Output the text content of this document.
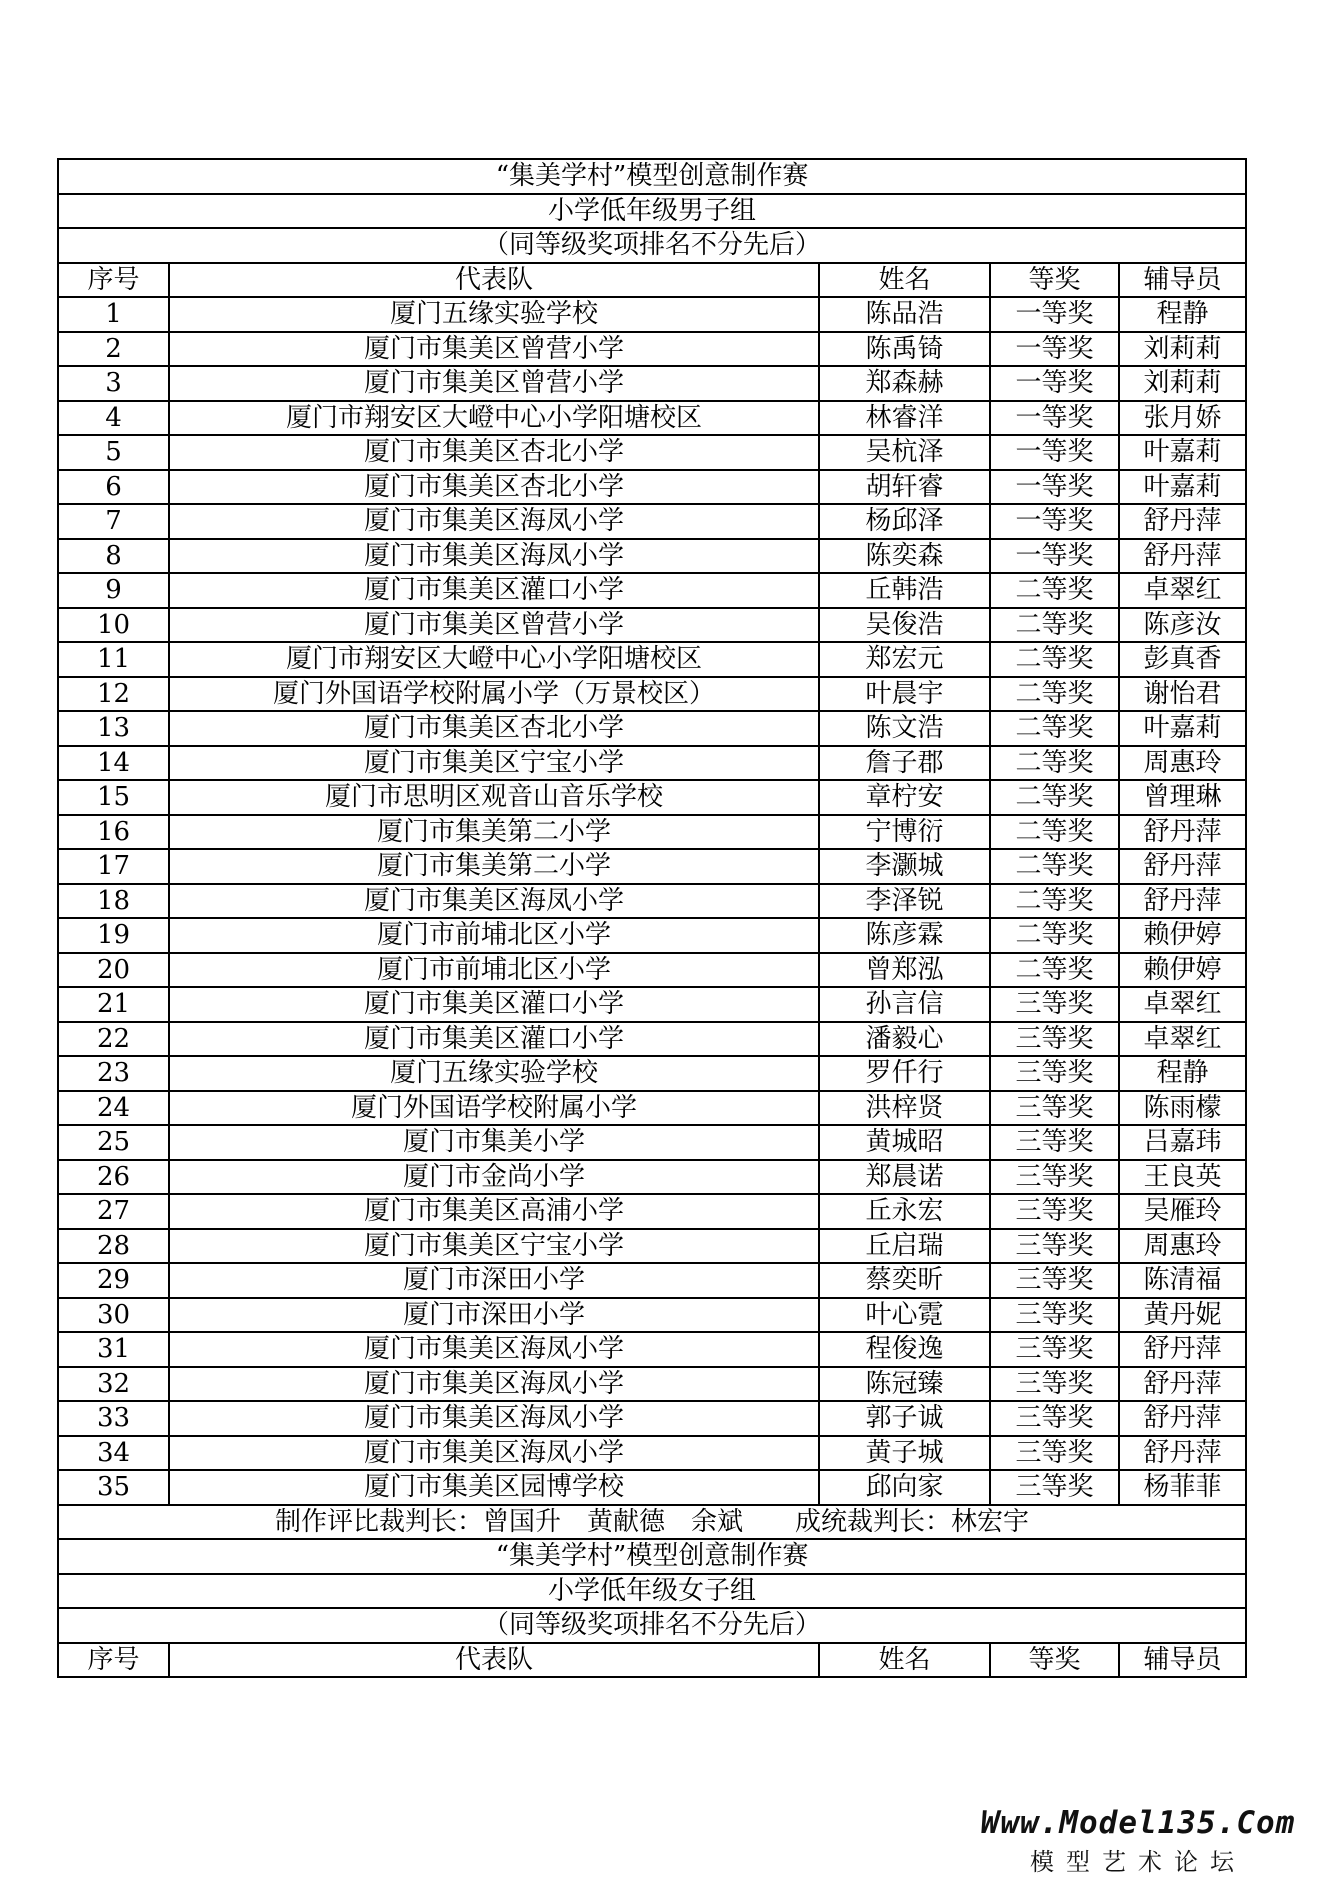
“集美学村”模型创意制作赛				
小学低年级男子组				
（同等级奖项排名不分先后）				
序号	代表队	姓名	等奖	辅导员
1	厦门五缘实验学校	陈品浩	一等奖	程静
2	厦门市集美区曾营小学	陈禹锜	一等奖	刘莉莉
3	厦门市集美区曾营小学	郑森赫	一等奖	刘莉莉
4	厦门市翔安区大嶝中心小学阳塘校区	林睿洋	一等奖	张月娇
5	厦门市集美区杏北小学	吴杭泽	一等奖	叶嘉莉
6	厦门市集美区杏北小学	胡轩睿	一等奖	叶嘉莉
7	厦门市集美区海凤小学	杨邱泽	一等奖	舒丹萍
8	厦门市集美区海凤小学	陈奕森	一等奖	舒丹萍
9	厦门市集美区灌口小学	丘韩浩	二等奖	卓翠红
10	厦门市集美区曾营小学	吴俊浩	二等奖	陈彦汝
11	厦门市翔安区大嶝中心小学阳塘校区	郑宏元	二等奖	彭真香
12	厦门外国语学校附属小学（万景校区）	叶晨宇	二等奖	谢怡君
13	厦门市集美区杏北小学	陈文浩	二等奖	叶嘉莉
14	厦门市集美区宁宝小学	詹子郡	二等奖	周惠玲
15	厦门市思明区观音山音乐学校	章柠安	二等奖	曾理琳
16	厦门市集美第二小学	宁博衍	二等奖	舒丹萍
17	厦门市集美第二小学	李灏城	二等奖	舒丹萍
18	厦门市集美区海凤小学	李泽锐	二等奖	舒丹萍
19	厦门市前埔北区小学	陈彦霖	二等奖	赖伊婷
20	厦门市前埔北区小学	曾郑泓	二等奖	赖伊婷
21	厦门市集美区灌口小学	孙言信	三等奖	卓翠红
22	厦门市集美区灌口小学	潘毅心	三等奖	卓翠红
23	厦门五缘实验学校	罗仟行	三等奖	程静
24	厦门外国语学校附属小学	洪梓贤	三等奖	陈雨檬
25	厦门市集美小学	黄城昭	三等奖	吕嘉玮
26	厦门市金尚小学	郑晨诺	三等奖	王良英
27	厦门市集美区高浦小学	丘永宏	三等奖	吴雁玲
28	厦门市集美区宁宝小学	丘启瑞	三等奖	周惠玲
29	厦门市深田小学	蔡奕昕	三等奖	陈清福
30	厦门市深田小学	叶心霓	三等奖	黄丹妮
31	厦门市集美区海凤小学	程俊逸	三等奖	舒丹萍
32	厦门市集美区海凤小学	陈冠臻	三等奖	舒丹萍
33	厦门市集美区海凤小学	郭子诚	三等奖	舒丹萍
34	厦门市集美区海凤小学	黄子城	三等奖	舒丹萍
35	厦门市集美区园博学校	邱向家	三等奖	杨菲菲
制作评比裁判长：曾国升　黄献德　余斌　　成统裁判长：林宏宇				
“集美学村”模型创意制作赛				
小学低年级女子组				
（同等级奖项排名不分先后）				
序号	代表队	姓名	等奖	辅导员
Www.Model135.Com
模型艺术论坛
